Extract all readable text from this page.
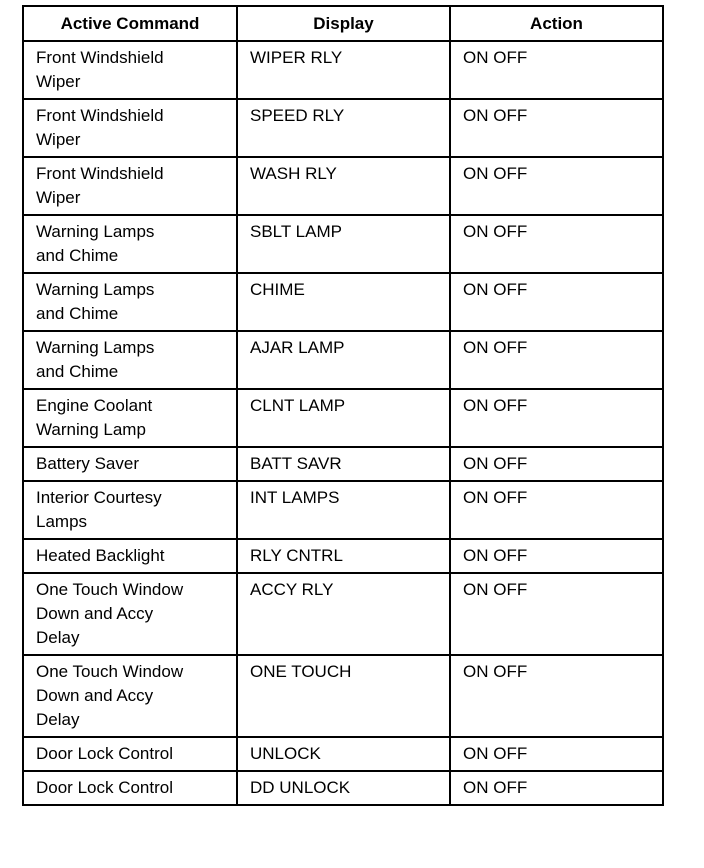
Active Command	Display	Action

Front Windshield
Wiper	WIPER RLY	ON OFF

Front Windshield
Wiper	SPEED RLY	ON OFF

Front Windshield
Wiper	WASH RLY	ON OFF

Warning Lamps
and Chime	SBLT LAMP	ON OFF

Warning Lamps
and Chime	CHIME	ON OFF

Warning Lamps
and Chime	AJAR LAMP	ON OFF

Engine Coolant
Warning Lamp	CLNT LAMP	ON OFF

Battery Saver	BATT SAVR	ON OFF

Interior Courtesy
Lamps	INT LAMPS	ON OFF

Heated Backlight	RLY CNTRL	ON OFF

One Touch Window
Down and Accy
Delay	ACCY RLY	ON OFF

One Touch Window
Down and Accy
Delay	ONE TOUCH	ON OFF

Door Lock Control	UNLOCK	ON OFF

Door Lock Control	DD UNLOCK	ON OFF
